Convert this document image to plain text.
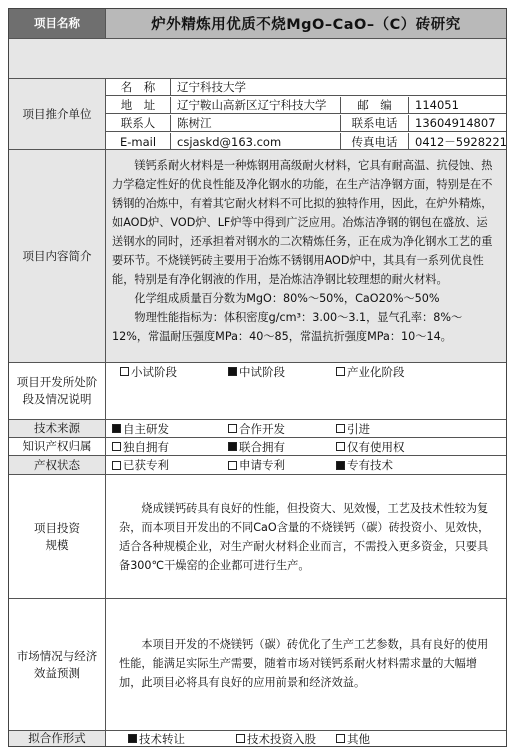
项目名称	炉外精炼用优质不烧MgO–CaO–（C）砖研究
项目推介单位
名　称	辽宁科技大学
地　址	辽宁鞍山高新区辽宁科技大学	邮　编	114051
联系人	陈树江	联系电话	13604914807
E-mail	csjaskd@163.com	传真电话	0412－5928221
项目内容简介

镁钙系耐火材料是一种炼钢用高级耐火材料，它具有耐高温、抗侵蚀、热力学稳定性好的优良性能及净化钢水的功能，在生产洁净钢方面，特别是在不锈钢的冶炼中，有着其它耐火材料不可比拟的独特作用，因此，在炉外精炼，如AOD炉、VOD炉、LF炉等中得到广泛应用。冶炼洁净钢的钢包在盛放、运送钢水的同时，还承担着对钢水的二次精炼任务，正在成为净化钢水工艺的重要环节。不烧镁钙砖主要用于冶炼不锈钢用AOD炉中，其具有一系列优良性能，特别是有净化钢液的作用，是冶炼洁净钢比较理想的耐火材料。

化学组成质量百分数为MgO：80%～50%，CaO20%～50%

物理性能指标为：体积密度g/cm³：3.00～3.1，显气孔率：8%～12%，常温耐压强度MPa：40～85，常温抗折强度MPa：10～14。

项目开发所处阶段及情况说明
小试阶段	中试阶段	产业化阶段
技术来源	自主研发	合作开发	引进
知识产权归属	独自拥有	联合拥有	仅有使用权
产权状态	已获专利	申请专利	专有技术
项目投资规模

烧成镁钙砖具有良好的性能，但投资大、见效慢，工艺及技术性较为复杂，而本项目开发出的不同CaO含量的不烧镁钙（碳）砖投资小、见效快，适合各种规模企业，对生产耐火材料企业而言，不需投入更多资金，只要具备300℃干燥窑的企业都可进行生产。

市场情况与经济效益预测

本项目开发的不烧镁钙（碳）砖优化了生产工艺参数，具有良好的使用性能，能满足实际生产需要，随着市场对镁钙系耐火材料需求量的大幅增加，此项目必将具有良好的应用前景和经济效益。

拟合作形式	技术转让	技术投资入股	其他
